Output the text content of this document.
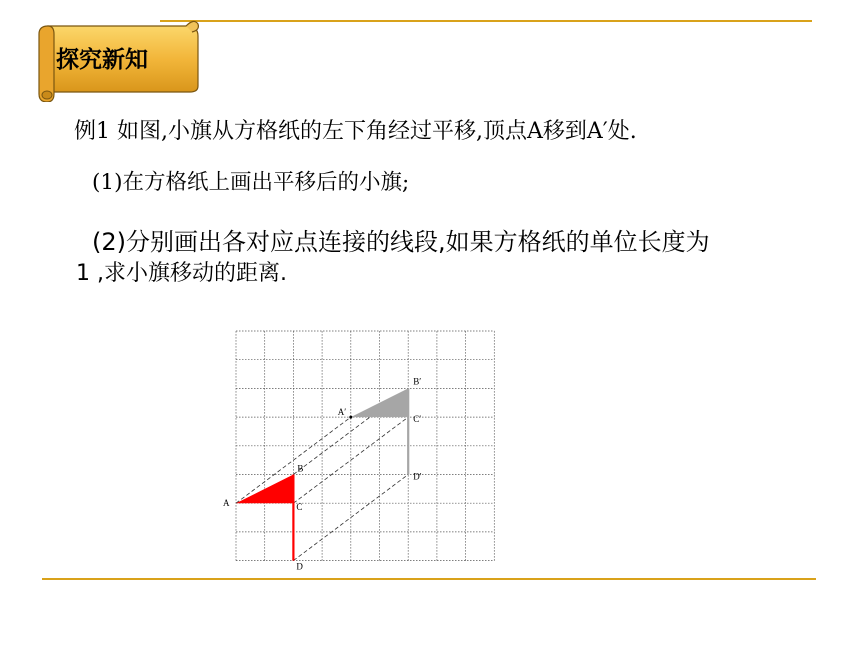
探究新知
例1 如图,小旗从方格纸的左下角经过平移,顶点A移到A′处.
(1)在方格纸上画出平移后的小旗;
(2)分别画出各对应点连接的线段,如果方格纸的单位长度为
1 ,求小旗移动的距离.
A
B
C
D
A′
B′
C′
D′
